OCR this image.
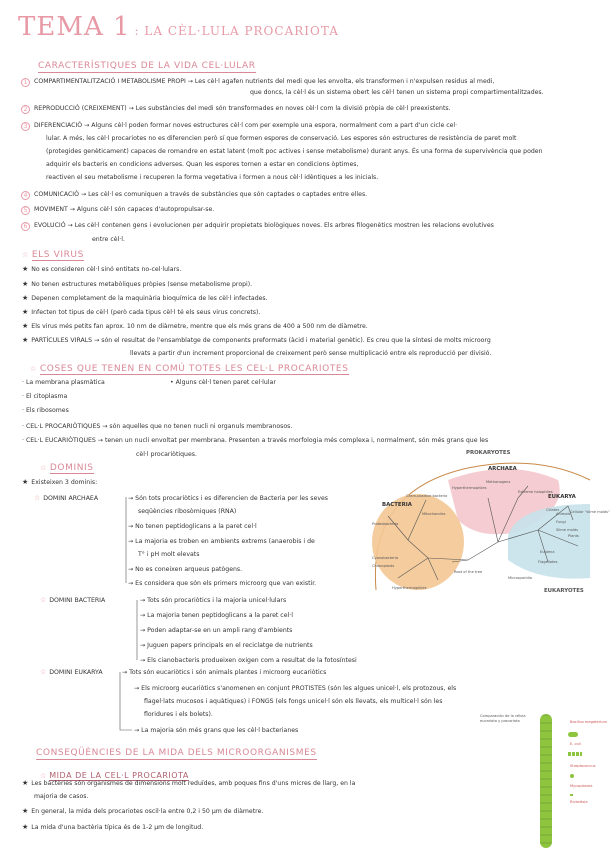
TEMA 1 : LA CÈL·LULA PROCARIOTA
CARACTERÍSTIQUES DE LA VIDA CEL·LULAR
1	COMPARTIMENTALITZACIÓ I METABOLISME PROPI → Les cèl·l agafen nutrients del medi que les envolta, els transformen i n'expulsen residus al medi,
que doncs, la cèl·l és un sistema obert les cèl·l tenen un sistema propi compartimentalitzades.
2	REPRODUCCIÓ (CREIXEMENT) → Les substàncies del medi són transformades en noves cèl·l com la divisió pròpia de cèl·l preexistents.
3	DIFERENCIACIÓ → Alguns cèl·l poden formar noves estructures cèl·l com per exemple una espora, normalment com a part d'un cicle cel·
lular. A més, les cèl·l procariotes no es diferencien però sí que formen espores de conservació. Les espores són estructures de resistència de paret molt
(protegides genèticament) capaces de romandre en estat latent (molt poc actives i sense metabolisme) durant anys. És una forma de supervivència que poden
adquirir els bacteris en condicions adverses. Quan les espores tornen a estar en condicions òptimes,
reactiven el seu metabolisme i recuperen la forma vegetativa i formen a nous cèl·l idèntiques a les inicials.
4	COMUNICACIÓ → Les cèl·l es comuniquen a través de substàncies que són captades o captades entre elles.
5	MOVIMENT → Alguns cèl·l són capaces d'autopropulsar-se.
6	EVOLUCIÓ → Les cèl·l contenen gens i evolucionen per adquirir propietats biològiques noves. Els arbres filogenètics mostren les relacions evolutives
entre cèl·l.
☆ ELS VIRUS
★ No es consideren cèl·l sinó entitats no-cel·lulars.
★ No tenen estructures metabòliques pròpies (sense metabolisme propi).
★ Depenen completament de la maquinària bioquímica de les cèl·l infectades.
★ Infecten tot tipus de cèl·l (però cada tipus cèl·l té els seus virus concrets).
★ Els virus més petits fan aprox. 10 nm de diàmetre, mentre que els més grans de 400 a 500 nm de diàmetre.
★ PARTÍCULES VIRALS → són el resultat de l'ensamblatge de components preformats (àcid i material genètic). Es creu que la síntesi de molts microorg
llevats a partir d'un increment proporcional de creixement però sense multiplicació entre els reproducció per divisió.
☆ COSES QUE TENEN EN COMÚ TOTES LES CEL·L PROCARIOTES
· La membrana plasmàtica	• Alguns cèl·l tenen paret cel·lular
· El citoplasma
· Els ribosomes
· CEL·L PROCARIÒTIQUES → són aquelles que no tenen nucli ni organuls membranosos.
· CEL·L EUCARIÒTIQUES → tenen un nucli envoltat per membrana. Presenten a través morfologia més complexa i, normalment, són més grans que les
cèl·l procariòtiques.
☆ DOMINIS
★ Existeixen 3 dominis:
☆ DOMINI ARCHAEA	→ Són tots procariòtics i es diferencien de Bacteria per les seves
seqüències ribosòmiques (RNA)
→ No tenen peptidoglicans a la paret cel·l
→ La majoria es troben en ambients extrems (anaerobis i de
T° i pH molt elevats
→ No es coneixen arqueus patògens.
→ Es considera que són els primers microorg que van existir.
☆ DOMINI BACTERIA	→ Tots són procariòtics i la majoria unicel·lulars
→ La majoria tenen peptidoglicans a la paret cel·l
→ Poden adaptar-se en un ampli rang d'ambients
→ Juguen papers principals en el reciclatge de nutrients
→ Els cianobacteris produeixen oxigen com a resultat de la fotosíntesi
☆ DOMINI EUKARYA	→ Tots són eucariòtics i són animals plantes i microorg eucariòtics
→ Els microorg eucariòtics s'anomenen en conjunt PROTISTES (són les algues unicel·l, els protozous, els
flagel·lats mucosos i aquàtiques) i FONGS (els fongs unicel·l són els llevats, els multicel·l són les
floridures i els bolets).
→ La majoria són més grans que les cèl·l bacterianes
PROKARYOTES
ARCHAEA
BACTERIA
EUKARYA
EUKARYOTES
Root of the tree
Proteobacteria
Gram-positive bacteria
Mitochondria
Cyanobacteria
Chloroplasts
Hyperthermophiles
Methanogens
Extreme halophiles
Hyperthermophiles
Animals
Fungi
Plants
Flagellates
Microsporidia
Slime molds
Ciliates
Euglena
Cellular "slime molds"
CONSEQÜÈNCIES DE LA MIDA DELS MICROORGANISMES
☆ MIDA DE LA CEL·L PROCARIOTA
★ Les bactèries són organismes de dimensions molt reduïdes, amb poques fins d'uns micres de llarg, en la
majoria de casos.
★ En general, la mida dels procariotes oscil·la entre 0,2 i 50 μm de diàmetre.
★ La mida d'una bactèria típica és de 1-2 μm de longitud.
Comparación de la célula eucariota y procariota	Bacillus megaterium
E. coli
Streptococcus
Mycoplasma
Rickettsia
